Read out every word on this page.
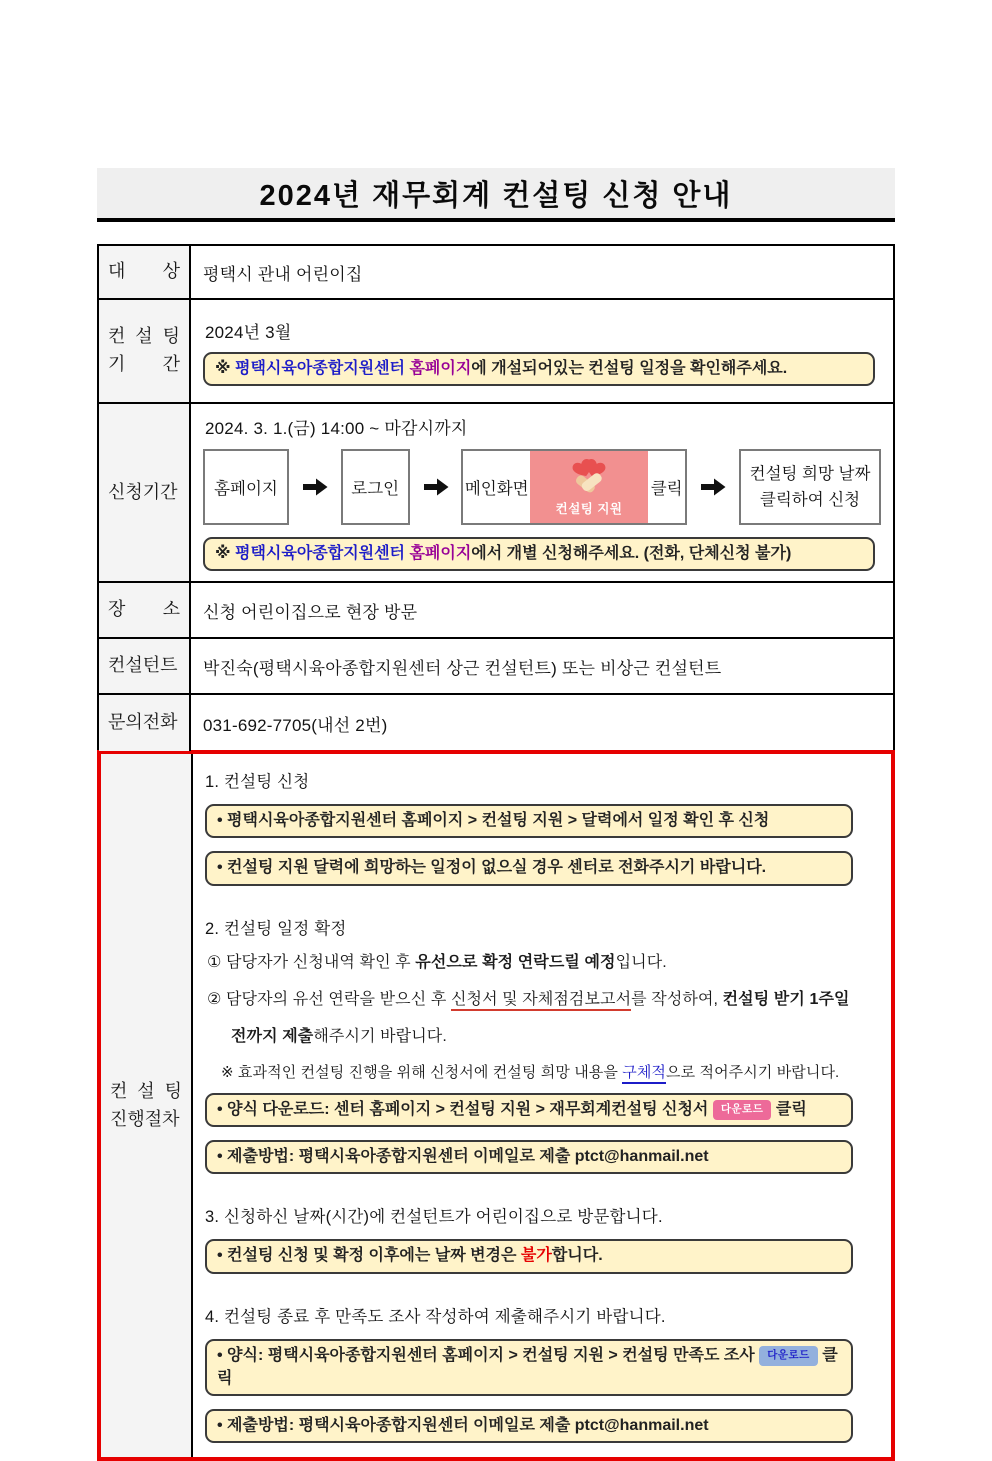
2024년 재무회계 컨설팅 신청 안내
대 상 평택시 관내 어린이집
컨 설 팅
기 간
2024년 3월
※ 평택시육아종합지원센터 홈페이지에 개설되어있는 컨설팅 일정을 확인해주세요.
신청기간
2024. 3. 1.(금) 14:00 ~ 마감시까지
홈페이지	로그인	메인화면
컨설팅 지원
클릭
컨설팅 희망 날짜
클릭하여 신청
※ 평택시육아종합지원센터 홈페이지에서 개별 신청해주세요. (전화, 단체신청 불가)
장 소 신청 어린이집으로 현장 방문
컨설턴트 박진숙(평택시육아종합지원센터 상근 컨설턴트) 또는 비상근 컨설턴트
문의전화 031-692-7705(내선 2번)
컨 설 팅
진행절차
1. 컨설팅 신청
• 평택시육아종합지원센터 홈페이지 > 컨설팅 지원 > 달력에서 일정 확인 후 신청
• 컨설팅 지원 달력에 희망하는 일정이 없으실 경우 센터로 전화주시기 바랍니다.
2. 컨설팅 일정 확정
① 담당자가 신청내역 확인 후 유선으로 확정 연락드릴 예정입니다.
② 담당자의 유선 연락을 받으신 후 신청서 및 자체점검보고서를 작성하여, 컨설팅 받기 1주일
전까지 제출해주시기 바랍니다.
※ 효과적인 컨설팅 진행을 위해 신청서에 컨설팅 희망 내용을 구체적으로 적어주시기 바랍니다.
• 양식 다운로드: 센터 홈페이지 > 컨설팅 지원 > 재무회계컨설팅 신청서 다운로드 클릭
• 제출방법: 평택시육아종합지원센터 이메일로 제출 ptct@hanmail.net
3. 신청하신 날짜(시간)에 컨설턴트가 어린이집으로 방문합니다.
• 컨설팅 신청 및 확정 이후에는 날짜 변경은 불가합니다.
4. 컨설팅 종료 후 만족도 조사 작성하여 제출해주시기 바랍니다.
• 양식: 평택시육아종합지원센터 홈페이지 > 컨설팅 지원 > 컨설팅 만족도 조사 다운로드 클릭
• 제출방법: 평택시육아종합지원센터 이메일로 제출 ptct@hanmail.net
